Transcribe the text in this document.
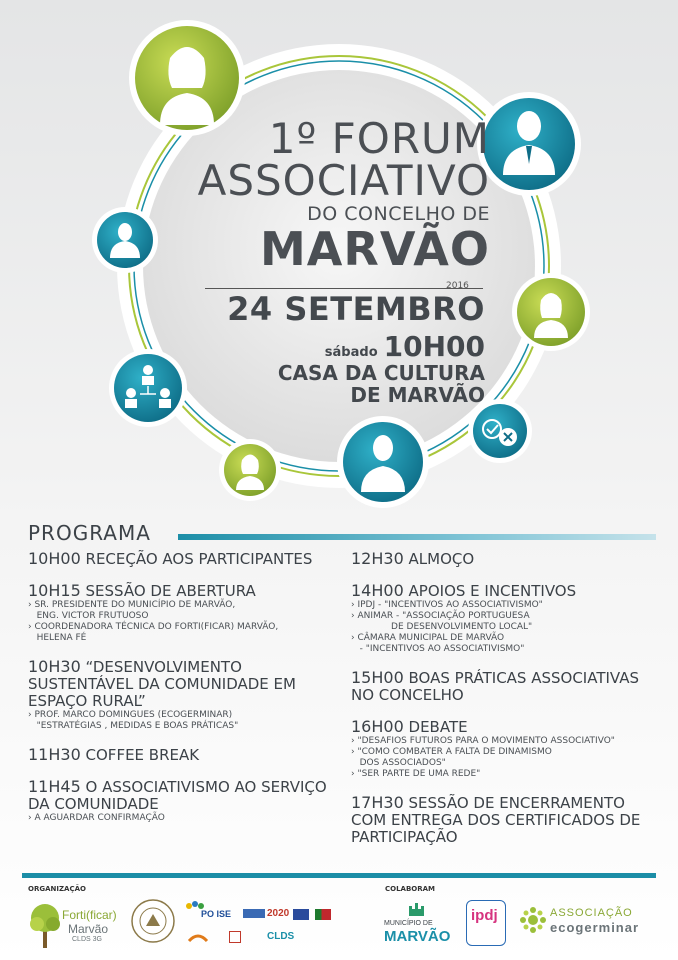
1º FORUM
ASSOCIATIVO
DO CONCELHO DE
MARVÃO
2016
24 SETEMBRO
sábado 10H00
CASA DA CULTURA
DE MARVÃO
PROGRAMA
10H00 RECEÇÃO AOS PARTICIPANTES
10H15 SESSÃO DE ABERTURA
› SR. PRESIDENTE DO MUNICÍPIO DE MARVÃO,
ENG. VICTOR FRUTUOSO
› COORDENADORA TÉCNICA DO FORTI(FICAR) MARVÃO,
HELENA FÉ
10H30 “DESENVOLVIMENTO SUSTENTÁVEL DA COMUNIDADE EM ESPAÇO RURAL”
› PROF. MARCO DOMINGUES (ECOGERMINAR)
"ESTRATÉGIAS , MEDIDAS E BOAS PRÁTICAS"
11H30 COFFEE BREAK
11H45 O ASSOCIATIVISMO AO SERVIÇO DA COMUNIDADE
› A AGUARDAR CONFIRMAÇÃO
12H30 ALMOÇO
14H00 APOIOS E INCENTIVOS
› IPDJ - "INCENTIVOS AO ASSOCIATIVISMO"
› ANIMAR - "ASSOCIAÇÃO PORTUGUESA
DE DESENVOLVIMENTO LOCAL"
› CÂMARA MUNICIPAL DE MARVÃO
- "INCENTIVOS AO ASSOCIATIVISMO"
15H00 BOAS PRÁTICAS ASSOCIATIVAS NO CONCELHO
16H00 DEBATE
› "DESAFIOS FUTUROS PARA O MOVIMENTO ASSOCIATIVO"
› "COMO COMBATER A FALTA DE DINAMISMO
DOS ASSOCIADOS"
› "SER PARTE DE UMA REDE"
17H30 SESSÃO DE ENCERRAMENTO COM ENTREGA DOS CERTIFICADOS DE PARTICIPAÇÃO
ORGANIZAÇÃO	COLABORAM
Forti(ficar)
Marvão
CLDS 3G
PO ISE	2020
CLDS
MUNICÍPIO DE
MARVÃO
ipdj	ASSOCIAÇÃO
ecogerminar
